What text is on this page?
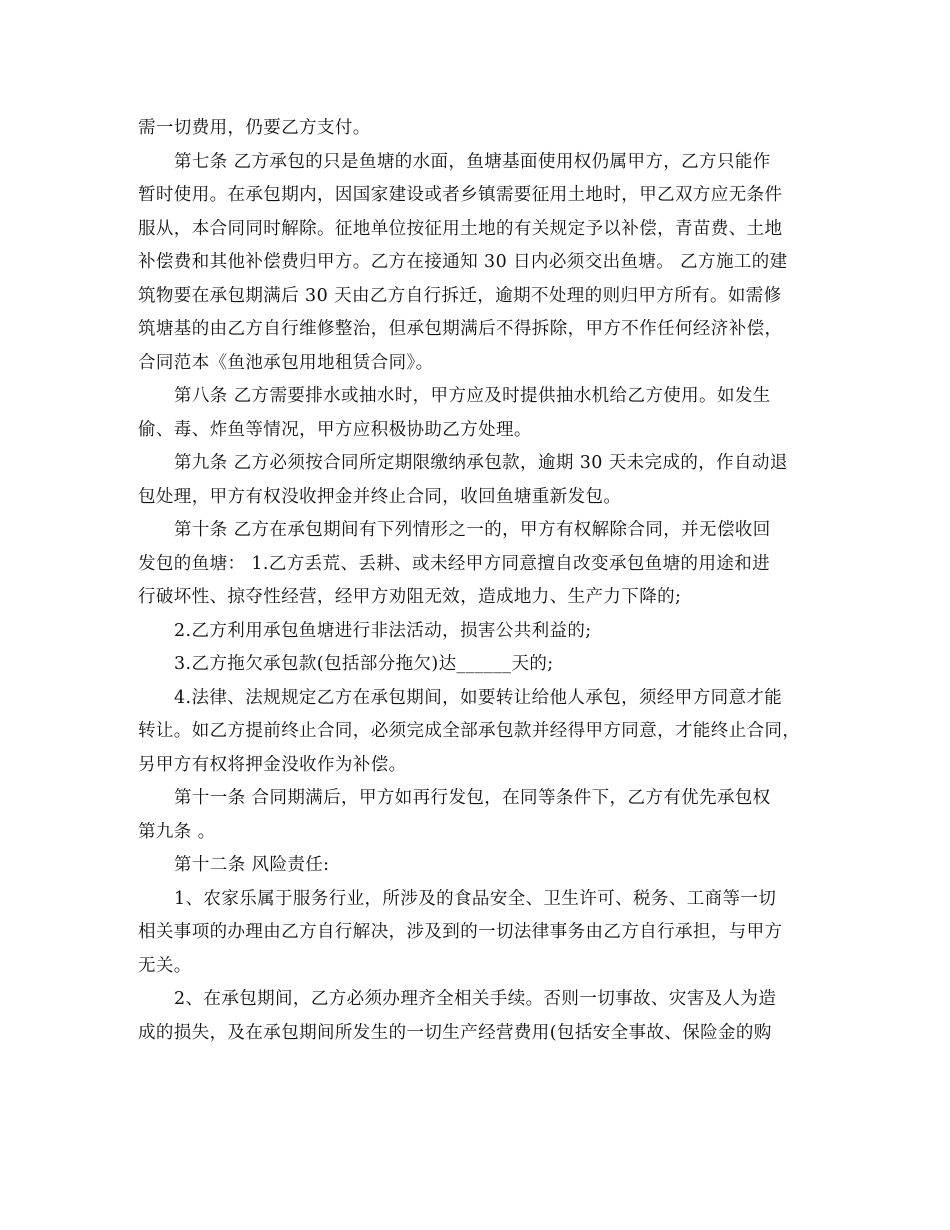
需一切费用，仍要乙方支付。
第七条 乙方承包的只是鱼塘的水面，鱼塘基面使用权仍属甲方，乙方只能作
暂时使用。在承包期内，因国家建设或者乡镇需要征用土地时，甲乙双方应无条件
服从，本合同同时解除。征地单位按征用土地的有关规定予以补偿，青苗费、土地
补偿费和其他补偿费归甲方。乙方在接通知 30 日内必须交出鱼塘。 乙方施工的建
筑物要在承包期满后 30 天由乙方自行拆迁，逾期不处理的则归甲方所有。如需修
筑塘基的由乙方自行维修整治，但承包期满后不得拆除，甲方不作任何经济补偿，
合同范本《鱼池承包用地租赁合同》。
第八条 乙方需要排水或抽水时，甲方应及时提供抽水机给乙方使用。如发生
偷、毒、炸鱼等情况，甲方应积极协助乙方处理。
第九条 乙方必须按合同所定期限缴纳承包款，逾期 30 天未完成的，作自动退
包处理，甲方有权没收押金并终止合同，收回鱼塘重新发包。
第十条 乙方在承包期间有下列情形之一的，甲方有权解除合同，并无偿收回
发包的鱼塘： 1.乙方丢荒、丢耕、或未经甲方同意擅自改变承包鱼塘的用途和进
行破坏性、掠夺性经营，经甲方劝阻无效，造成地力、生产力下降的;
2.乙方利用承包鱼塘进行非法活动，损害公共利益的;
3.乙方拖欠承包款(包括部分拖欠)达______天的;
4.法律、法规规定乙方在承包期间，如要转让给他人承包，须经甲方同意才能
转让。如乙方提前终止合同，必须完成全部承包款并经得甲方同意，才能终止合同，
另甲方有权将押金没收作为补偿。
第十一条 合同期满后，甲方如再行发包，在同等条件下，乙方有优先承包权
第九条 。
第十二条 风险责任:
1、农家乐属于服务行业，所涉及的食品安全、卫生许可、税务、工商等一切
相关事项的办理由乙方自行解决，涉及到的一切法律事务由乙方自行承担，与甲方
无关。
2、在承包期间，乙方必须办理齐全相关手续。否则一切事故、灾害及人为造
成的损失，及在承包期间所发生的一切生产经营费用(包括安全事故、保险金的购
